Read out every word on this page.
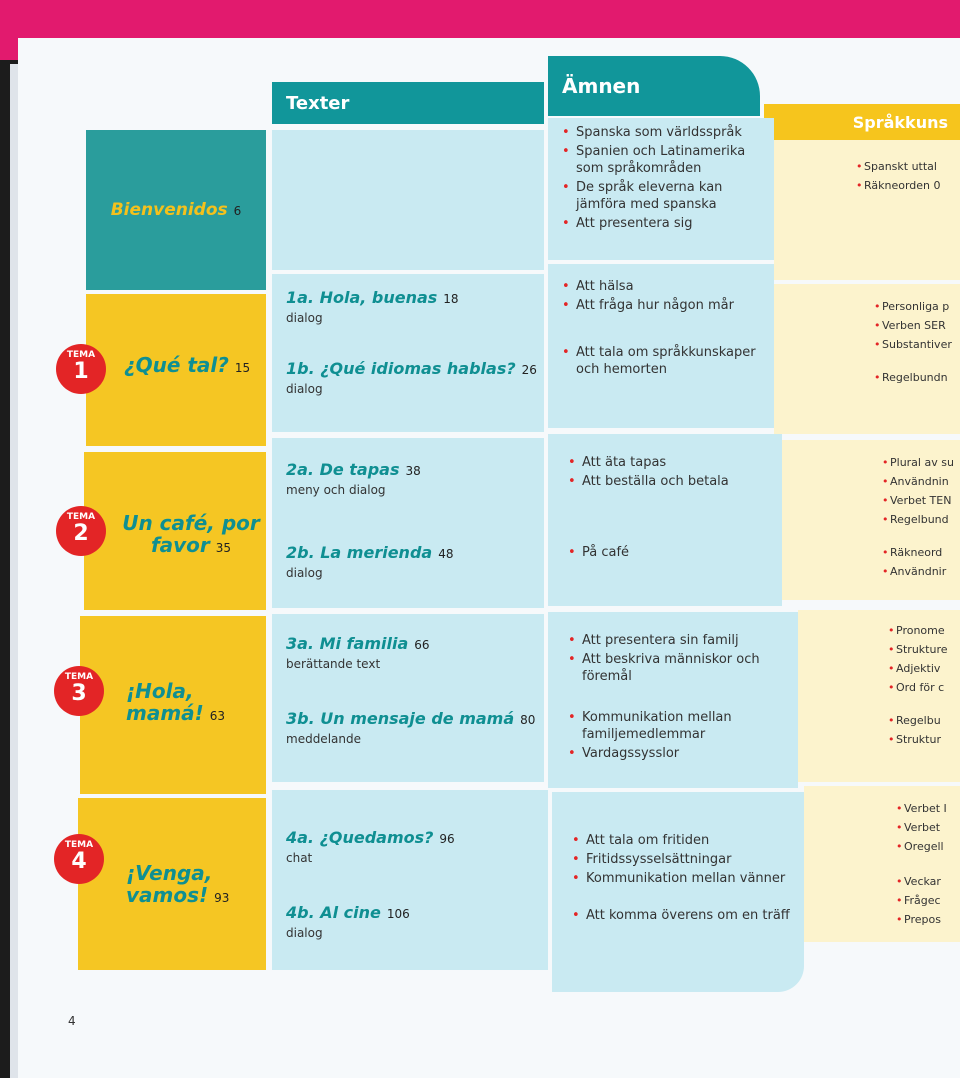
Texter
Ämnen
Språkkuns
Bienvenidos 6
• Spanska som världsspråk
• Spanien och Latinamerika som språkområden
• De språk eleverna kan jämföra med spanska
• Att presentera sig
• Spanskt uttal
• Räkneorden 0
¿Qué tal? 15
TEMA
1
1a. Hola, buenas 18
dialog
1b. ¿Qué idiomas hablas? 26
dialog
• Att hälsa
• Att fråga hur någon mår
• Att tala om språkkunskaper och hemorten
• Personliga p
• Verben SER
• Substantiver
• Regelbundn
Un café, por favor 35
TEMA
2
2a. De tapas 38
meny och dialog
2b. La merienda 48
dialog
• Att äta tapas
• Att beställa och betala
• På café
• Plural av su
• Användnin
• Verbet TEN
• Regelbund
• Räkneord
• Användnir
¡Hola, mamá! 63
TEMA
3
3a. Mi familia 66
berättande text
3b. Un mensaje de mamá 80
meddelande
• Att presentera sin familj
• Att beskriva människor och föremål
• Kommunikation mellan familjemedlemmar
• Vardagssysslor
• Pronome
• Strukture
• Adjektiv
• Ord för c
• Regelbu
• Struktur
¡Venga, vamos! 93
TEMA
4
4a. ¿Quedamos? 96
chat
4b. Al cine 106
dialog
• Att tala om fritiden
• Fritidssysselsättningar
• Kommunikation mellan vänner
• Att komma överens om en träff
• Verbet I
• Verbet
• Oregell
• Veckar
• Frågec
• Prepos
4
